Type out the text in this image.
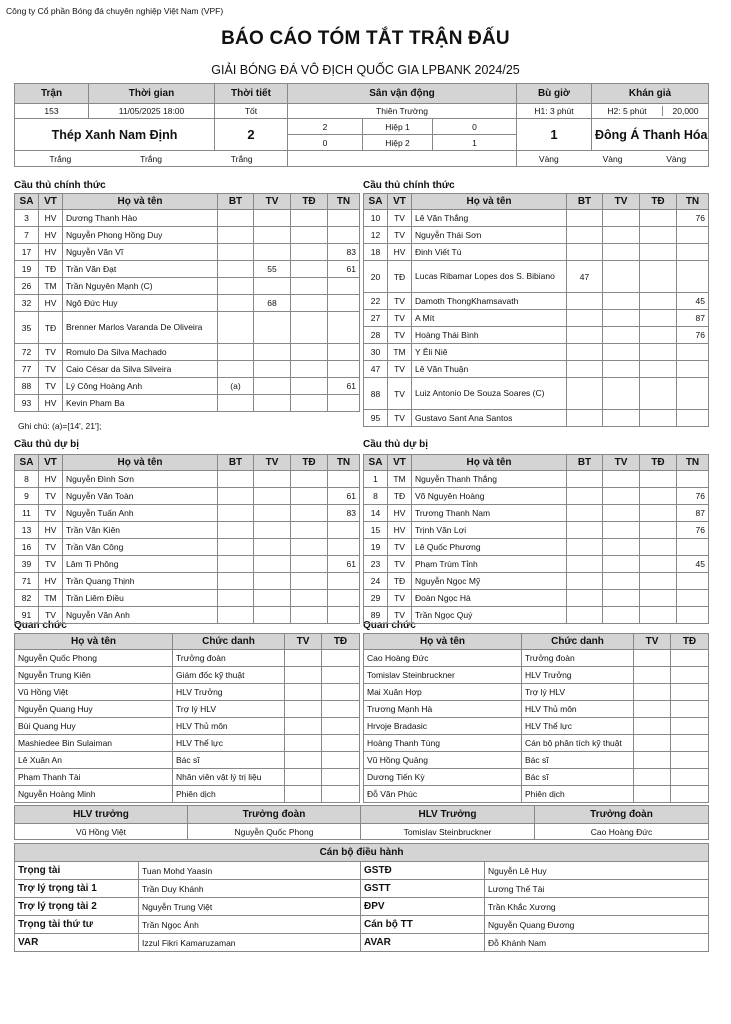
Công ty Cổ phần Bóng đá chuyên nghiệp Việt Nam (VPF)
BÁO CÁO TÓM TẮT TRẬN ĐẤU
GIẢI BÓNG ĐÁ VÔ ĐỊCH QUỐC GIA LPBANK 2024/25
Trận	Thời gian	Thời tiết	Sân vận động			Bù giờ	Khán giả
153	11/05/2025 18:00	Tốt	Thiên Trường			H1: 3 phút	H2: 5 phút 20,000

Thép Xanh Nam Định		2	2	Hiệp 1	0	1	Đông Á Thanh Hóa
			0	Hiệp 2	1		

Trắng Trắng Trắng						Vàng Vàng Vàng	
Cầu thủ chính thức	Cầu thủ chính thức
Cầu thủ dự bị	Cầu thủ dự bị
Quan chức	Quan chức
SA	VT	Họ và tên	BT	TV	TĐ	TN
3	HV	Dương Thanh Hào				
7	HV	Nguyễn Phong Hồng Duy				
17	HV	Nguyễn Văn Vĩ				83
19	TĐ	Trần Văn Đạt		55		61
26	TM	Trần Nguyên Mạnh (C)				
32	HV	Ngô Đức Huy		68		
35	TĐ	Brenner Marlos Varanda De Oliveira				
72	TV	Romulo Da Silva Machado				
77	TV	Caio César da Silva Silveira				
88	TV	Lý Công Hoàng Anh	(a)			61
93	HV	Kevin Pham Ba				
SA	VT	Họ và tên	BT	TV	TĐ	TN
10	TV	Lê Văn Thắng				76
12	TV	Nguyễn Thái Sơn				
18	HV	Đinh Viết Tú				
20	TĐ	Lucas Ribamar Lopes dos S. Bibiano	47			
22	TV	Damoth ThongKhamsavath				45
27	TV	A Mít				87
28	TV	Hoàng Thái Bình				76
30	TM	Y Êli Niê				
47	TV	Lê Văn Thuận				
88	TV	Luiz Antonio De Souza Soares (C)				
95	TV	Gustavo Sant Ana Santos				
Ghi chú: (a)=[14', 21'];
SA	VT	Họ và tên	BT	TV	TĐ	TN
8	HV	Nguyễn Đình Sơn				
9	TV	Nguyễn Văn Toàn				61
11	TV	Nguyễn Tuấn Anh				83
13	HV	Trần Văn Kiên				
16	TV	Trần Văn Công				
39	TV	Lâm Ti Phông				61
71	HV	Trần Quang Thịnh				
82	TM	Trần Liêm Điều				
91	TV	Nguyễn Văn Anh				
SA	VT	Họ và tên	BT	TV	TĐ	TN
1	TM	Nguyễn Thanh Thắng				
8	TĐ	Võ Nguyên Hoàng				76
14	HV	Trương Thanh Nam				87
15	HV	Trịnh Văn Lợi				76
19	TV	Lê Quốc Phương				
23	TV	Phạm Trùm Tỉnh				45
24	TĐ	Nguyễn Ngọc Mỹ				
29	TV	Đoàn Ngọc Hà				
89	TV	Trần Ngọc Quý				
Họ và tên	Chức danh	TV	TĐ
Nguyễn Quốc Phong	Trưởng đoàn		
Nguyễn Trung Kiên	Giám đốc kỹ thuật		
Vũ Hồng Việt	HLV Trưởng		
Nguyễn Quang Huy	Trợ lý HLV		
Bùi Quang Huy	HLV Thủ môn		
Mashiedee Bin Sulaiman	HLV Thể lực		
Lê Xuân An	Bác sĩ		
Phạm Thanh Tài	Nhân viên vật lý trị liệu		
Nguyễn Hoàng Minh	Phiên dịch		
Họ và tên	Chức danh	TV	TĐ
Cao Hoàng Đức	Trưởng đoàn		
Tomislav Steinbruckner	HLV Trưởng		
Mai Xuân Hợp	Trợ lý HLV		
Trương Mạnh Hà	HLV Thủ môn		
Hrvoje Bradasic	HLV Thể lực		
Hoàng Thanh Tùng	Cán bộ phân tích kỹ thuật		
Vũ Hồng Quảng	Bác sĩ		
Dương Tiến Kỳ	Bác sĩ		
Đỗ Văn Phúc	Phiên dịch		
HLV trưởng	Trưởng đoàn	HLV Trưởng	Trưởng đoàn
Vũ Hồng Việt	Nguyễn Quốc Phong	Tomislav Steinbruckner	Cao Hoàng Đức
Cán bộ điều hành			
Trọng tài	Tuan Mohd Yaasin	GSTĐ	Nguyễn Lê Huy
Trợ lý trọng tài 1	Trần Duy Khánh	GSTT	Lương Thế Tài
Trợ lý trọng tài 2	Nguyễn Trung Việt	ĐPV	Trần Khắc Xương
Trọng tài thứ tư	Trần Ngọc Ánh	Cán bộ TT	Nguyễn Quang Đương
VAR	Izzul Fikri Kamaruzaman	AVAR	Đỗ Khánh Nam
